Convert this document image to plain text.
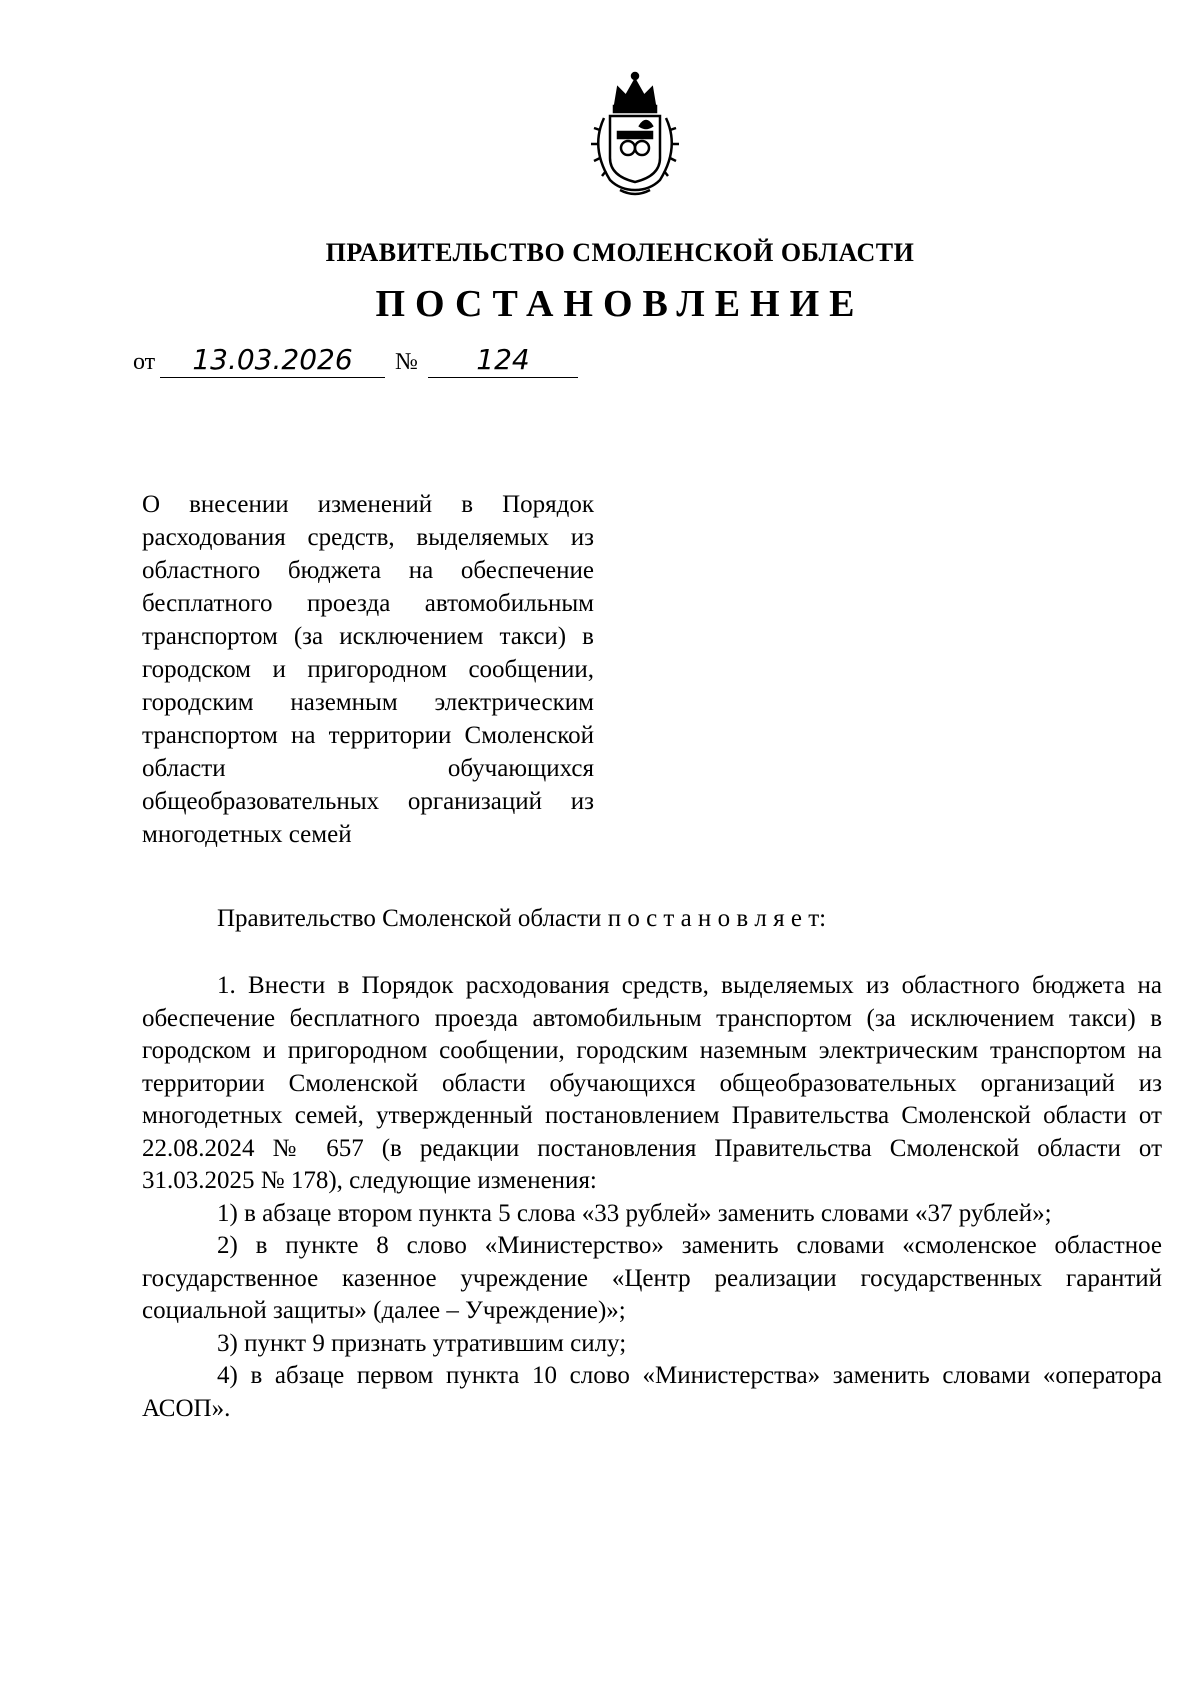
ПРАВИТЕЛЬСТВО СМОЛЕНСКОЙ ОБЛАСТИ
ПОСТАНОВЛЕНИЕ
от	13.03.2026	№	124

О внесении изменений в Порядок расходования средств, выделяемых из областного бюджета на обеспечение бесплатного проезда автомобильным транспортом (за исключением такси) в городском и пригородном сообщении, городским наземным электрическим транспортом на территории Смоленской области обучающихся общеобразовательных организаций из многодетных семей

Правительство Смоленской области п о с т а н о в л я е т:

1. Внести в Порядок расходования средств, выделяемых из областного бюджета на обеспечение бесплатного проезда автомобильным транспортом (за исключением такси) в городском и пригородном сообщении, городским наземным электрическим транспортом на территории Смоленской области обучающихся общеобразовательных организаций из многодетных семей, утвержденный постановлением Правительства Смоленской области от 22.08.2024 № 657 (в редакции постановления Правительства Смоленской области от 31.03.2025 № 178), следующие изменения:

1) в абзаце втором пункта 5 слова «33 рублей» заменить словами «37 рублей»;

2) в пункте 8 слово «Министерство» заменить словами «смоленское областное государственное казенное учреждение «Центр реализации государственных гарантий социальной защиты» (далее – Учреждение)»;

3) пункт 9 признать утратившим силу;

4) в абзаце первом пункта 10 слово «Министерства» заменить словами «оператора АСОП».
